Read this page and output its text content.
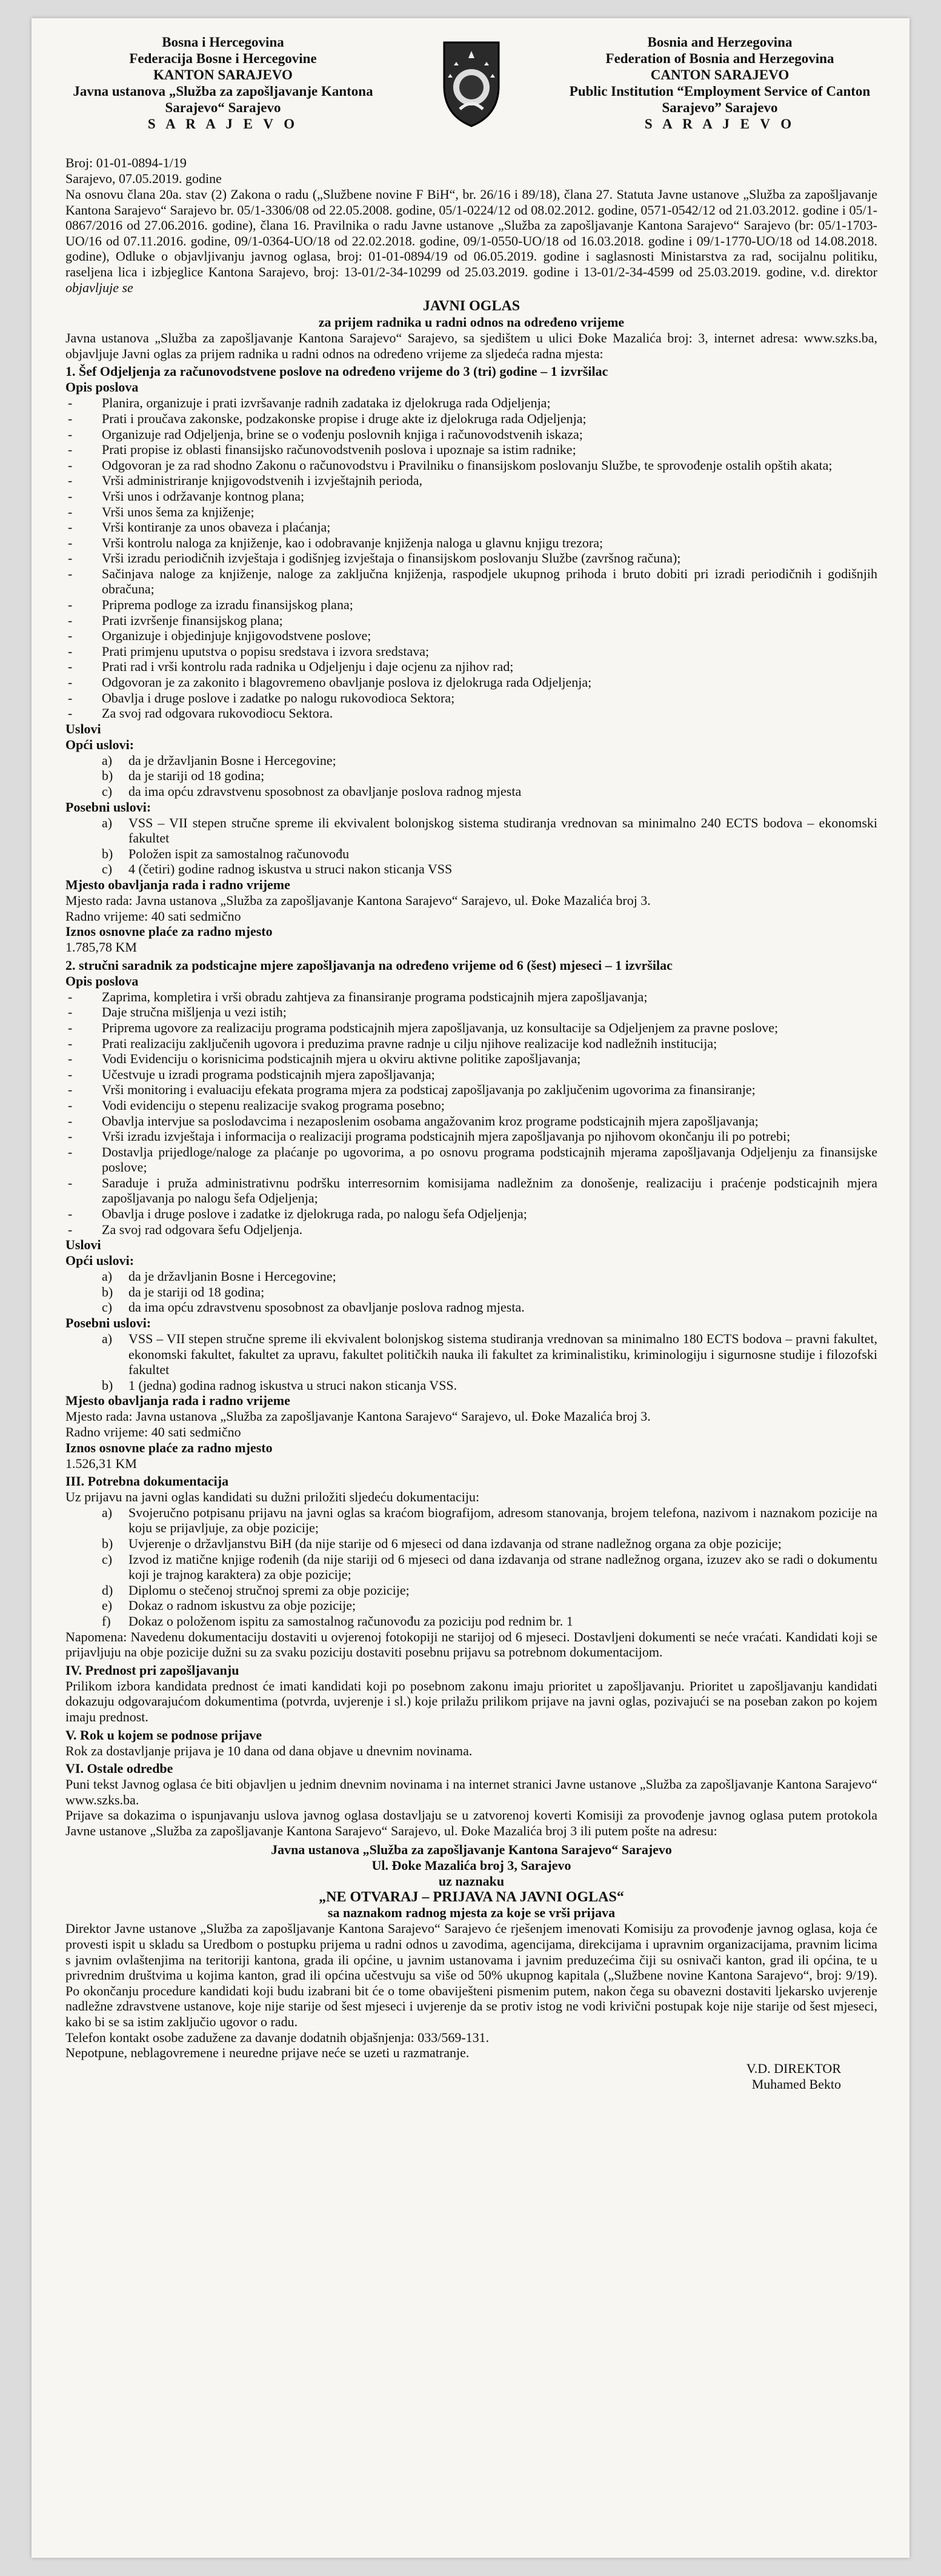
Bosna i Hercegovina
Federacija Bosne i Hercegovine
KANTON SARAJEVO
Javna ustanova „Služba za zapošljavanje Kantona
Sarajevo“ Sarajevo
S A R A J E V O
Bosnia and Herzegovina
Federation of Bosnia and Herzegovina
CANTON SARAJEVO
Public Institution “Employment Service of Canton
Sarajevo” Sarajevo
S A R A J E V O
Broj: 01-01-0894-1/19
Sarajevo, 07.05.2019. godine

Na osnovu člana 20a. stav (2) Zakona o radu („Službene novine F BiH“, br. 26/16 i 89/18), člana 27. Statuta Javne ustanove „Služba za zapošljavanje Kantona Sarajevo“ Sarajevo br. 05/1-3306/08 od 22.05.2008. godine, 05/1-0224/12 od 08.02.2012. godine, 0571-0542/12 od 21.03.2012. godine i 05/1-0867/2016 od 27.06.2016. godine), člana 16. Pravilnika o radu Javne ustanove „Služba za zapošljavanje Kantona Sarajevo“ Sarajevo (br: 05/1-1703-UO/16 od 07.11.2016. godine, 09/1-0364-UO/18 od 22.02.2018. godine, 09/1-0550-UO/18 od 16.03.2018. godine i 09/1-1770-UO/18 od 14.08.2018. godine), Odluke o objavljivanju javnog oglasa, broj: 01-01-0894/19 od 06.05.2019. godine i saglasnosti Ministarstva za rad, socijalnu politiku, raseljena lica i izbjeglice Kantona Sarajevo, broj: 13-01/2-34-10299 od 25.03.2019. godine i 13-01/2-34-4599 od 25.03.2019. godine, v.d. direktor objavljuje se

JAVNI OGLAS
za prijem radnika u radni odnos na određeno vrijeme

Javna ustanova „Služba za zapošljavanje Kantona Sarajevo“ Sarajevo, sa sjedištem u ulici Đoke Mazalića broj: 3, internet adresa: www.szks.ba, objavljuje Javni oglas za prijem radnika u radni odnos na određeno vrijeme za sljedeća radna mjesta:

1. Šef Odjeljenja za računovodstvene poslove na određeno vrijeme do 3 (tri) godine – 1 izvršilac
Opis poslova
- Planira, organizuje i prati izvršavanje radnih zadataka iz djelokruga rada Odjeljenja;
- Prati i proučava zakonske, podzakonske propise i druge akte iz djelokruga rada Odjeljenja;
- Organizuje rad Odjeljenja, brine se o vođenju poslovnih knjiga i računovodstvenih iskaza;
- Prati propise iz oblasti finansijsko računovodstvenih poslova i upoznaje sa istim radnike;
- Odgovoran je za rad shodno Zakonu o računovodstvu i Pravilniku o finansijskom poslovanju Službe, te sprovođenje ostalih opštih akata;
- Vrši administriranje knjigovodstvenih i izvještajnih perioda,
- Vrši unos i održavanje kontnog plana;
- Vrši unos šema za knjiženje;
- Vrši kontiranje za unos obaveza i plaćanja;
- Vrši kontrolu naloga za knjiženje, kao i odobravanje knjiženja naloga u glavnu knjigu trezora;
- Vrši izradu periodičnih izvještaja i godišnjeg izvještaja o finansijskom poslovanju Službe (završnog računa);
- Sačinjava naloge za knjiženje, naloge za zaključna knjiženja, raspodjele ukupnog prihoda i bruto dobiti pri izradi periodičnih i godišnjih obračuna;
- Priprema podloge za izradu finansijskog plana;
- Prati izvršenje finansijskog plana;
- Organizuje i objedinjuje knjigovodstvene poslove;
- Prati primjenu uputstva o popisu sredstava i izvora sredstava;
- Prati rad i vrši kontrolu rada radnika u Odjeljenju i daje ocjenu za njihov rad;
- Odgovoran je za zakonito i blagovremeno obavljanje poslova iz djelokruga rada Odjeljenja;
- Obavlja i druge poslove i zadatke po nalogu rukovodioca Sektora;
- Za svoj rad odgovara rukovodiocu Sektora.
Uslovi
Opći uslovi:
a)	da je državljanin Bosne i Hercegovine;
b)	da je stariji od 18 godina;
c)	da ima opću zdravstvenu sposobnost za obavljanje poslova radnog mjesta
Posebni uslovi:
a)	VSS – VII stepen stručne spreme ili ekvivalent bolonjskog sistema studiranja vrednovan sa minimalno 240 ECTS bodova – ekonomski fakultet
b)	Položen ispit za samostalnog računovođu
c)	4 (četiri) godine radnog iskustva u struci nakon sticanja VSS
Mjesto obavljanja rada i radno vrijeme
Mjesto rada: Javna ustanova „Služba za zapošljavanje Kantona Sarajevo“ Sarajevo, ul. Đoke Mazalića broj 3.
Radno vrijeme: 40 sati sedmično
Iznos osnovne plaće za radno mjesto
1.785,78 KM
2. stručni saradnik za podsticajne mjere zapošljavanja na određeno vrijeme od 6 (šest) mjeseci – 1 izvršilac
Opis poslova
- Zaprima, kompletira i vrši obradu zahtjeva za finansiranje programa podsticajnih mjera zapošljavanja;
- Daje stručna mišljenja u vezi istih;
- Priprema ugovore za realizaciju programa podsticajnih mjera zapošljavanja, uz konsultacije sa Odjeljenjem za pravne poslove;
- Prati realizaciju zaključenih ugovora i preduzima pravne radnje u cilju njihove realizacije kod nadležnih institucija;
- Vodi Evidenciju o korisnicima podsticajnih mjera u okviru aktivne politike zapošljavanja;
- Učestvuje u izradi programa podsticajnih mjera zapošljavanja;
- Vrši monitoring i evaluaciju efekata programa mjera za podsticaj zapošljavanja po zaključenim ugovorima za finansiranje;
- Vodi evidenciju o stepenu realizacije svakog programa posebno;
- Obavlja intervjue sa poslodavcima i nezaposlenim osobama angažovanim kroz programe podsticajnih mjera zapošljavanja;
- Vrši izradu izvještaja i informacija o realizaciji programa podsticajnih mjera zapošljavanja po njihovom okončanju ili po potrebi;
- Dostavlja prijedloge/naloge za plaćanje po ugovorima, a po osnovu programa podsticajnih mjerama zapošljavanja Odjeljenju za finansijske poslove;
- Saraduje i pruža administrativnu podršku interresornim komisijama nadležnim za donošenje, realizaciju i praćenje podsticajnih mjera zapošljavanja po nalogu šefa Odjeljenja;
- Obavlja i druge poslove i zadatke iz djelokruga rada, po nalogu šefa Odjeljenja;
- Za svoj rad odgovara šefu Odjeljenja.
Uslovi
Opći uslovi:
a)	da je državljanin Bosne i Hercegovine;
b)	da je stariji od 18 godina;
c)	da ima opću zdravstvenu sposobnost za obavljanje poslova radnog mjesta.
Posebni uslovi:
a)	VSS – VII stepen stručne spreme ili ekvivalent bolonjskog sistema studiranja vrednovan sa minimalno 180 ECTS bodova – pravni fakultet, ekonomski fakultet, fakultet za upravu, fakultet političkih nauka ili fakultet za kriminalistiku, kriminologiju i sigurnosne studije i filozofski fakultet
b)	1 (jedna) godina radnog iskustva u struci nakon sticanja VSS.
Mjesto obavljanja rada i radno vrijeme
Mjesto rada: Javna ustanova „Služba za zapošljavanje Kantona Sarajevo“ Sarajevo, ul. Đoke Mazalića broj 3.
Radno vrijeme: 40 sati sedmično
Iznos osnovne plaće za radno mjesto
1.526,31 KM
III. Potrebna dokumentacija
Uz prijavu na javni oglas kandidati su dužni priložiti sljedeću dokumentaciju:
a)	Svojeručno potpisanu prijavu na javni oglas sa kraćom biografijom, adresom stanovanja, brojem telefona, nazivom i naznakom pozicije na koju se prijavljuje, za obje pozicije;
b)	Uvjerenje o državljanstvu BiH (da nije starije od 6 mjeseci od dana izdavanja od strane nadležnog organa za obje pozicije;
c)	Izvod iz matične knjige rođenih (da nije stariji od 6 mjeseci od dana izdavanja od strane nadležnog organa, izuzev ako se radi o dokumentu koji je trajnog karaktera) za obje pozicije;
d)	Diplomu o stečenoj stručnoj spremi za obje pozicije;
e)	Dokaz o radnom iskustvu za obje pozicije;
f)	Dokaz o položenom ispitu za samostalnog računovođu za poziciju pod rednim br. 1

Napomena: Navedenu dokumentaciju dostaviti u ovjerenoj fotokopiji ne starijoj od 6 mjeseci. Dostavljeni dokumenti se neće vraćati. Kandidati koji se prijavljuju na obje pozicije dužni su za svaku poziciju dostaviti posebnu prijavu sa potrebnom dokumentacijom.

IV. Prednost pri zapošljavanju

Prilikom izbora kandidata prednost će imati kandidati koji po posebnom zakonu imaju prioritet u zapošljavanju. Prioritet u zapošljavanju kandidati dokazuju odgovarajućom dokumentima (potvrda, uvjerenje i sl.) koje prilažu prilikom prijave na javni oglas, pozivajući se na poseban zakon po kojem imaju prednost.

V. Rok u kojem se podnose prijave

Rok za dostavljanje prijava je 10 dana od dana objave u dnevnim novinama.

VI. Ostale odredbe

Puni tekst Javnog oglasa će biti objavljen u jednim dnevnim novinama i na internet stranici Javne ustanove „Služba za zapošljavanje Kantona Sarajevo“ www.szks.ba.

Prijave sa dokazima o ispunjavanju uslova javnog oglasa dostavljaju se u zatvorenoj koverti Komisiji za provođenje javnog oglasa putem protokola Javne ustanove „Služba za zapošljavanje Kantona Sarajevo“ Sarajevo, ul. Đoke Mazalića broj 3 ili putem pošte na adresu:

Javna ustanova „Služba za zapošljavanje Kantona Sarajevo“ Sarajevo
Ul. Đoke Mazalića broj 3, Sarajevo
uz naznaku
„NE OTVARAJ – PRIJAVA NA JAVNI OGLAS“
sa naznakom radnog mjesta za koje se vrši prijava

Direktor Javne ustanove „Služba za zapošljavanje Kantona Sarajevo“ Sarajevo će rješenjem imenovati Komisiju za provođenje javnog oglasa, koja će provesti ispit u skladu sa Uredbom o postupku prijema u radni odnos u zavodima, agencijama, direkcijama i upravnim organizacijama, pravnim licima s javnim ovlaštenjima na teritoriji kantona, grada ili općine, u javnim ustanovama i javnim preduzećima čiji su osnivači kanton, grad ili općina, te u privrednim društvima u kojima kanton, grad ili općina učestvuju sa više od 50% ukupnog kapitala („Službene novine Kantona Sarajevo“, broj: 9/19). Po okončanju procedure kandidati koji budu izabrani bit će o tome obaviješteni pismenim putem, nakon čega su obavezni dostaviti ljekarsko uvjerenje nadležne zdravstvene ustanove, koje nije starije od šest mjeseci i uvjerenje da se protiv istog ne vodi krivični postupak koje nije starije od šest mjeseci, kako bi se sa istim zaključio ugovor o radu.

Telefon kontakt osobe zadužene za davanje dodatnih objašnjenja: 033/569-131.

Nepotpune, neblagovremene i neuredne prijave neće se uzeti u razmatranje.

V.D. DIREKTOR
Muhamed Bekto
